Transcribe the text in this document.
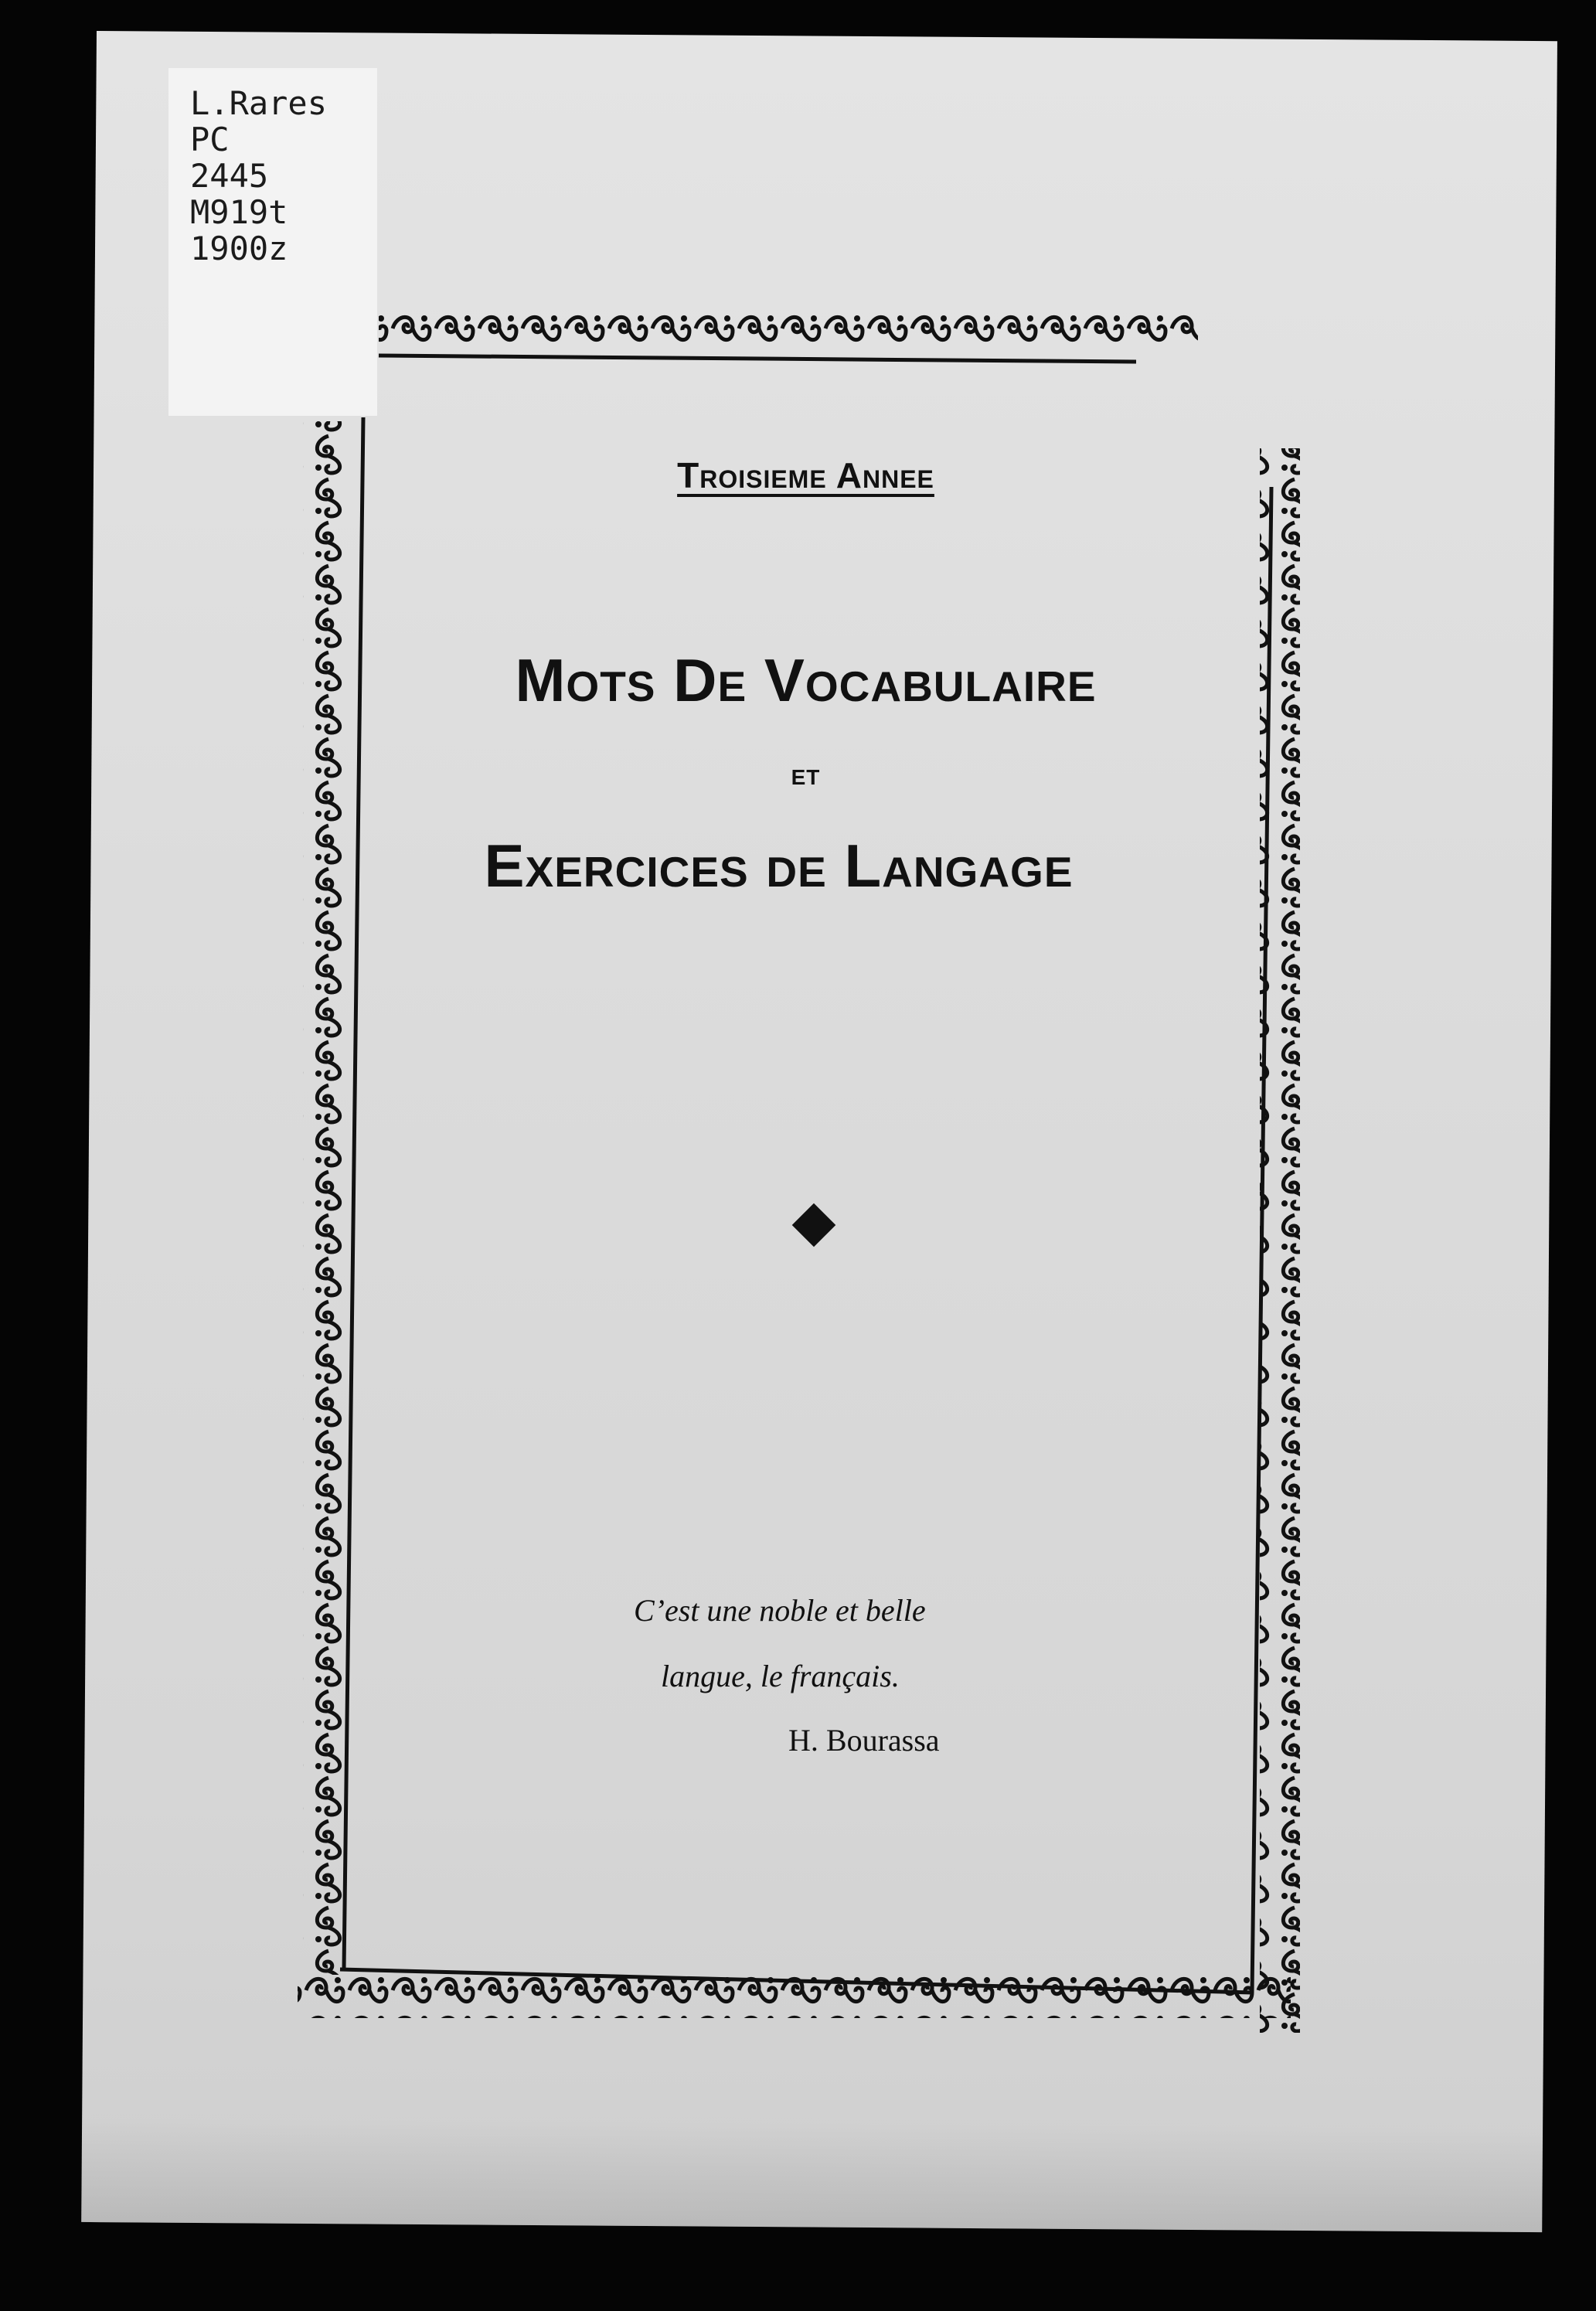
L.Rares
PC
2445
M919t
1900z
Troisieme Annee
Mots De Vocabulaire
et
Exercices de Langage
C’est une noble et belle
langue, le français.
H. Bourassa
